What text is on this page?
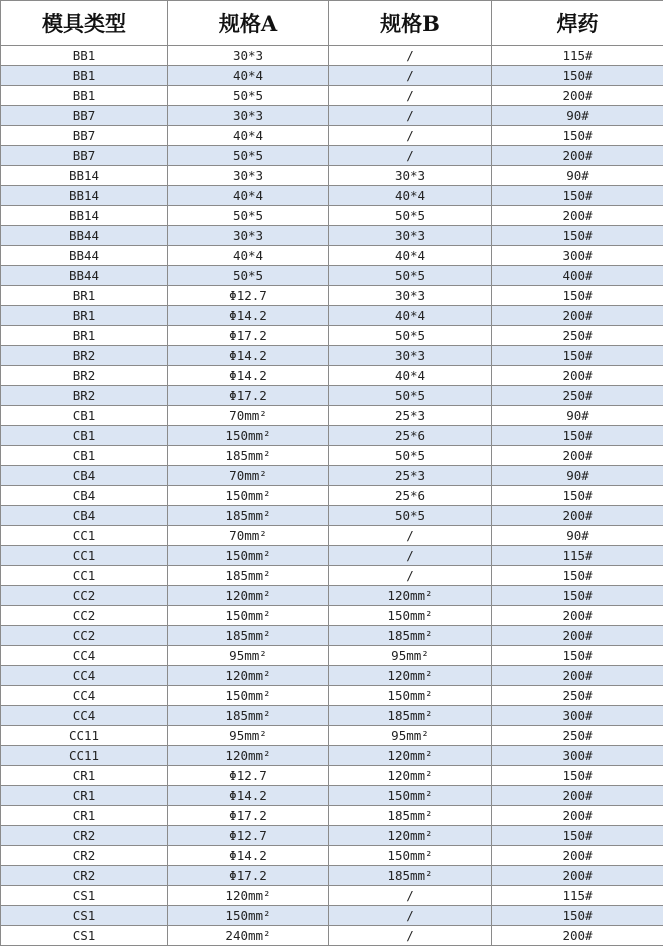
模具类型	规格A	规格B	焊药
BB1	30*3	/	115#
BB1	40*4	/	150#
BB1	50*5	/	200#
BB7	30*3	/	90#
BB7	40*4	/	150#
BB7	50*5	/	200#
BB14	30*3	30*3	90#
BB14	40*4	40*4	150#
BB14	50*5	50*5	200#
BB44	30*3	30*3	150#
BB44	40*4	40*4	300#
BB44	50*5	50*5	400#
BR1	Φ12.7	30*3	150#
BR1	Φ14.2	40*4	200#
BR1	Φ17.2	50*5	250#
BR2	Φ14.2	30*3	150#
BR2	Φ14.2	40*4	200#
BR2	Φ17.2	50*5	250#
CB1	70mm²	25*3	90#
CB1	150mm²	25*6	150#
CB1	185mm²	50*5	200#
CB4	70mm²	25*3	90#
CB4	150mm²	25*6	150#
CB4	185mm²	50*5	200#
CC1	70mm²	/	90#
CC1	150mm²	/	115#
CC1	185mm²	/	150#
CC2	120mm²	120mm²	150#
CC2	150mm²	150mm²	200#
CC2	185mm²	185mm²	200#
CC4	95mm²	95mm²	150#
CC4	120mm²	120mm²	200#
CC4	150mm²	150mm²	250#
CC4	185mm²	185mm²	300#
CC11	95mm²	95mm²	250#
CC11	120mm²	120mm²	300#
CR1	Φ12.7	120mm²	150#
CR1	Φ14.2	150mm²	200#
CR1	Φ17.2	185mm²	200#
CR2	Φ12.7	120mm²	150#
CR2	Φ14.2	150mm²	200#
CR2	Φ17.2	185mm²	200#
CS1	120mm²	/	115#
CS1	150mm²	/	150#
CS1	240mm²	/	200#
